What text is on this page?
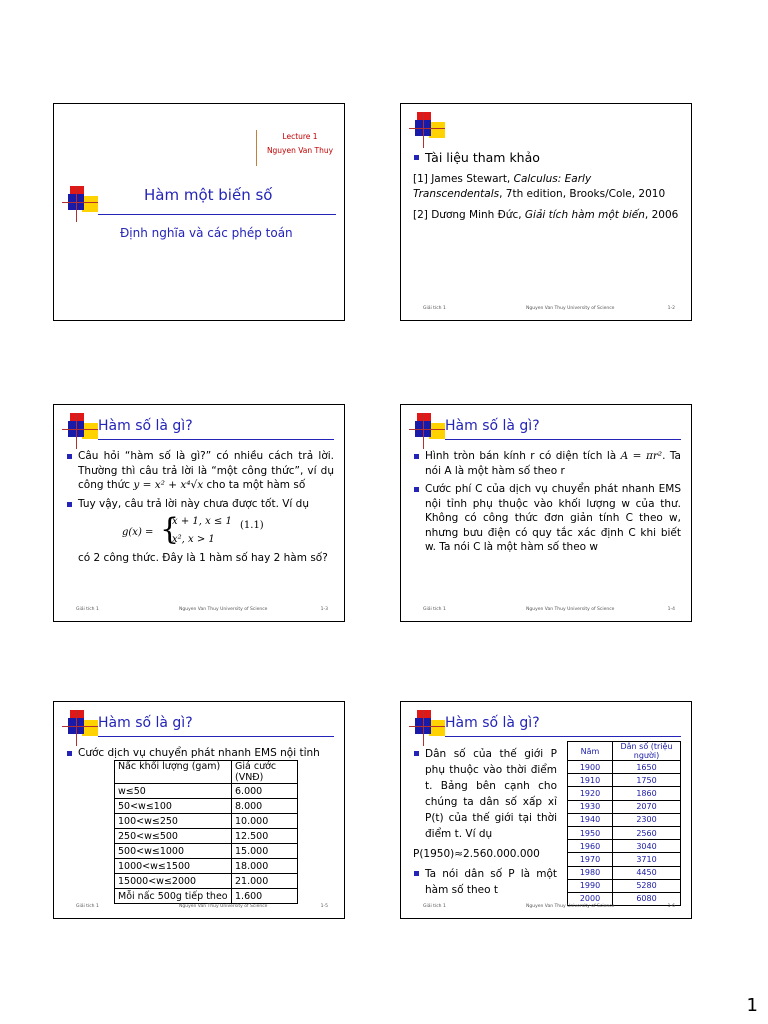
Lecture 1
Nguyen Van Thuy
Hàm một biến số
Định nghĩa và các phép toán
Tài liệu tham khảo
[1] James Stewart, Calculus: Early Transcendentals, 7th edition, Brooks/Cole, 2010
[2] Dương Minh Đức, Giải tích hàm một biến, 2006
Giải tích 1	Nguyen Van Thuy University of Science	1-2
Hàm số là gì?
Câu hỏi “hàm số là gì?” có nhiều cách trả lời. Thường thì câu trả lời là “một công thức”, ví dụ công thức y = x² + x⁴√x cho ta một hàm số
Tuy vậy, câu trả lời này chưa được tốt. Ví dụ
g(x) = {
x + 1, x ≤ 1
x², x > 1
(1.1)
có 2 công thức. Đây là 1 hàm số hay 2 hàm số?
Giải tích 1	Nguyen Van Thuy University of Science	1-3
Hàm số là gì?
Hình tròn bán kính r có diện tích là A = πr². Ta nói A là một hàm số theo r
Cước phí C của dịch vụ chuyển phát nhanh EMS nội tỉnh phụ thuộc vào khối lượng w của thư. Không có công thức đơn giản tính C theo w, nhưng bưu điện có quy tắc xác định C khi biết w. Ta nói C là một hàm số theo w
Giải tích 1	Nguyen Van Thuy University of Science	1-4
Hàm số là gì?
Cước dịch vụ chuyển phát nhanh EMS nội tỉnh
Nấc khối lượng (gam)	Giá cước (VNĐ)
w≤50	6.000
50<w≤100	8.000
100<w≤250	10.000
250<w≤500	12.500
500<w≤1000	15.000
1000<w≤1500	18.000
15000<w≤2000	21.000
Mỗi nấc 500g tiếp theo	1.600
Giải tích 1	Nguyen Van Thuy University of Science	1-5
Hàm số là gì?
Dân số của thế giới P phụ thuộc vào thời điểm t. Bảng bên cạnh cho chúng ta dân số xấp xỉ P(t) của thế giới tại thời điểm t. Ví dụ
P(1950)≈2.560.000.000
Ta nói dân số P là một hàm số theo t
Năm	Dân số (triệu người)
1900	1650
1910	1750
1920	1860
1930	2070
1940	2300
1950	2560
1960	3040
1970	3710
1980	4450
1990	5280
2000	6080
Giải tích 1	Nguyen Van Thuy University of Science	1-6
1
